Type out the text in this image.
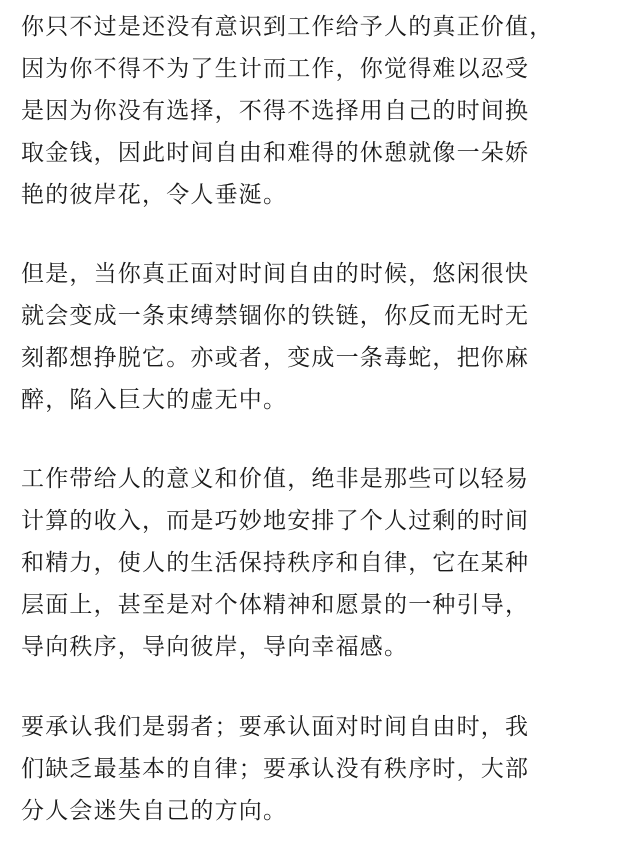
你只不过是还没有意识到工作给予人的真正价值，
因为你不得不为了生计而工作，你觉得难以忍受
是因为你没有选择，不得不选择用自己的时间换
取金钱，因此时间自由和难得的休憩就像一朵娇
艳的彼岸花，令人垂涎。

但是，当你真正面对时间自由的时候，悠闲很快
就会变成一条束缚禁锢你的铁链，你反而无时无
刻都想挣脱它。亦或者，变成一条毒蛇，把你麻
醉，陷入巨大的虚无中。

工作带给人的意义和价值，绝非是那些可以轻易
计算的收入，而是巧妙地安排了个人过剩的时间
和精力，使人的生活保持秩序和自律，它在某种
层面上，甚至是对个体精神和愿景的一种引导，
导向秩序，导向彼岸，导向幸福感。

要承认我们是弱者；要承认面对时间自由时，我
们缺乏最基本的自律；要承认没有秩序时，大部
分人会迷失自己的方向。
